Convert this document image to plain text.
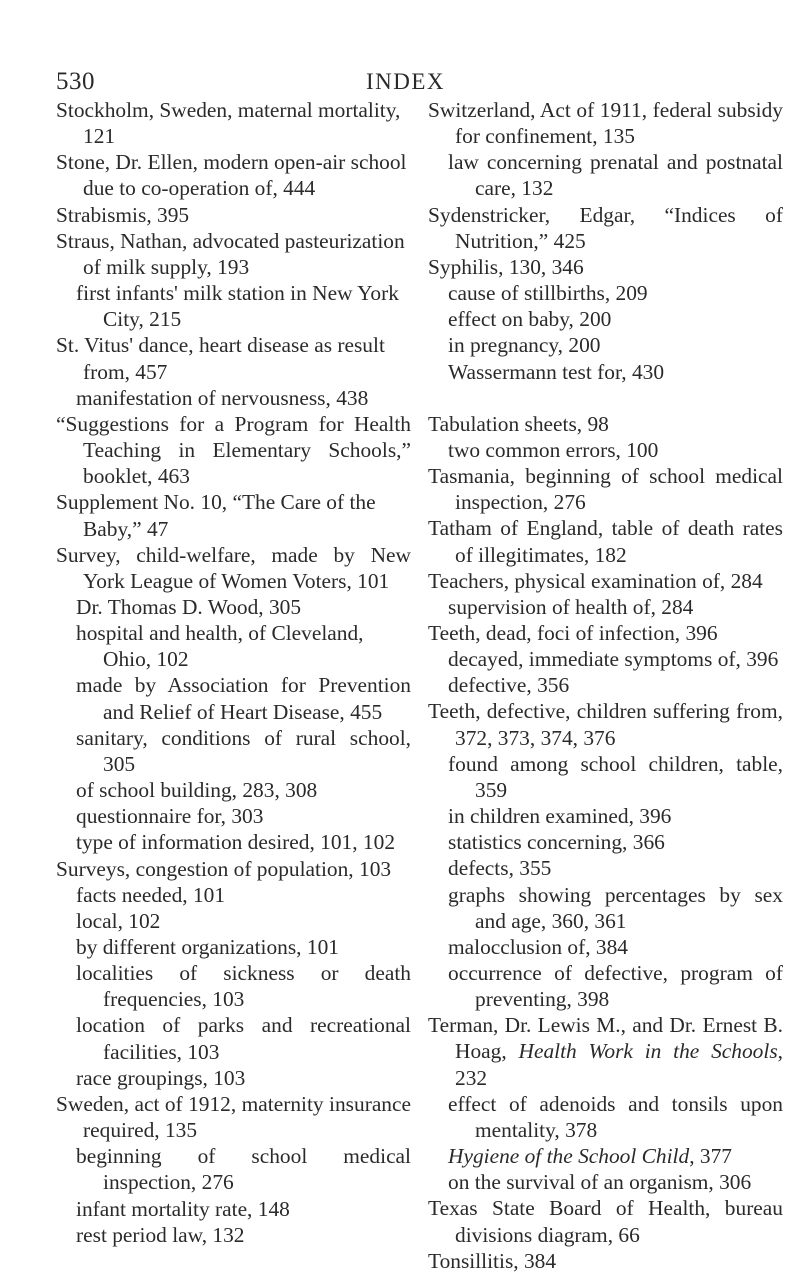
530	INDEX

Stockholm, Sweden, maternal mortality, 121

Stone, Dr. Ellen, modern open-air school due to co-operation of, 444

Strabismis, 395

Straus, Nathan, advocated pasteurization of milk supply, 193

first infants' milk station in New York City, 215

St. Vitus' dance, heart disease as result from, 457

manifestation of nervousness, 438

“Suggestions for a Program for Health Teaching in Elementary Schools,” booklet, 463

Supplement No. 10, “The Care of the Baby,” 47

Survey, child-welfare, made by New York League of Women Voters, 101

Dr. Thomas D. Wood, 305

hospital and health, of Cleveland, Ohio, 102

made by Association for Prevention and Relief of Heart Disease, 455

sanitary, conditions of rural school, 305

of school building, 283, 308

questionnaire for, 303

type of information desired, 101, 102

Surveys, congestion of population, 103

facts needed, 101

local, 102

by different organizations, 101

localities of sickness or death frequencies, 103

location of parks and recreational facilities, 103

race groupings, 103

Sweden, act of 1912, maternity insurance required, 135

beginning of school medical inspection, 276

infant mortality rate, 148

rest period law, 132

Switzerland, Act of 1911, federal subsidy for confinement, 135

law concerning prenatal and postnatal care, 132

Sydenstricker, Edgar, “Indices of Nutrition,” 425

Syphilis, 130, 346

cause of stillbirths, 209

effect on baby, 200

in pregnancy, 200

Wassermann test for, 430

Tabulation sheets, 98

two common errors, 100

Tasmania, beginning of school medical inspection, 276

Tatham of England, table of death rates of illegitimates, 182

Teachers, physical examination of, 284

supervision of health of, 284

Teeth, dead, foci of infection, 396

decayed, immediate symptoms of, 396

defective, 356

Teeth, defective, children suffering from, 372, 373, 374, 376

found among school children, table, 359

in children examined, 396

statistics concerning, 366

defects, 355

graphs showing percentages by sex and age, 360, 361

malocclusion of, 384

occurrence of defective, program of preventing, 398

Terman, Dr. Lewis M., and Dr. Ernest B. Hoag, Health Work in the Schools, 232

effect of adenoids and tonsils upon mentality, 378

Hygiene of the School Child, 377

on the survival of an organism, 306

Texas State Board of Health, bureau divisions diagram, 66

Tonsillitis, 384
